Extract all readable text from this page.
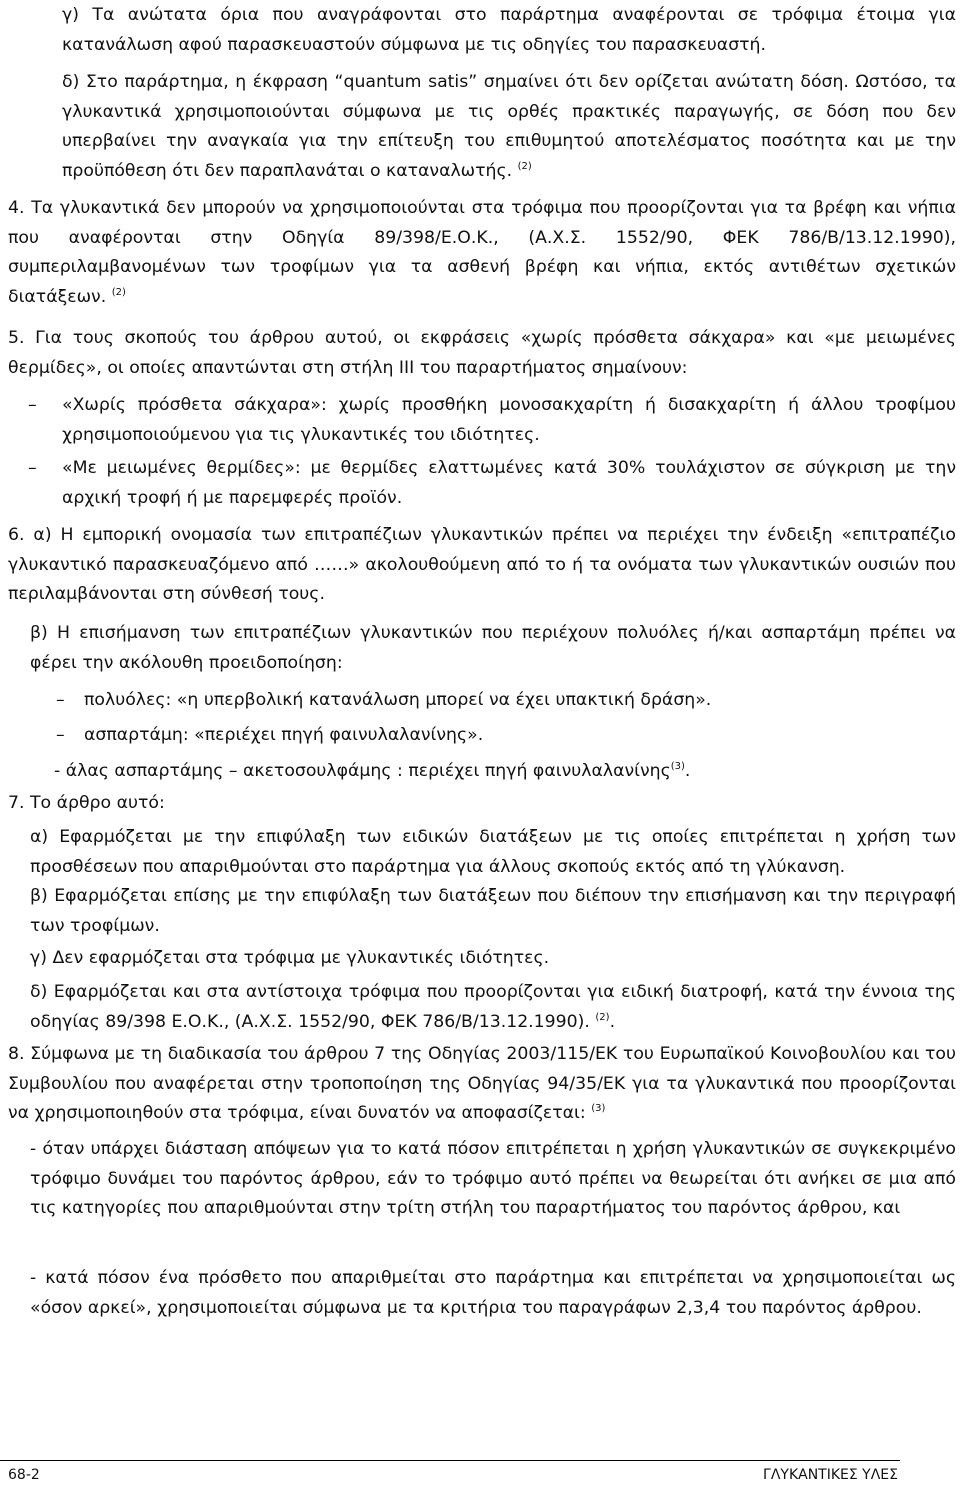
γ) Τα ανώτατα όρια που αναγράφονται στο παράρτημα αναφέρονται σε τρόφιμα έτοιμα για κατανάλωση αφού παρασκευαστούν σύμφωνα με τις οδηγίες του παρασκευαστή.

δ) Στο παράρτημα, η έκφραση “quantum satis” σημαίνει ότι δεν ορίζεται ανώτατη δόση. Ωστόσο, τα γλυκαντικά χρησιμοποιούνται σύμφωνα με τις ορθές πρακτικές παραγωγής, σε δόση που δεν υπερβαίνει την αναγκαία για την επίτευξη του επιθυμητού αποτελέσματος ποσότητα και με την προϋπόθεση ότι δεν παραπλανάται ο καταναλωτής. $^{(2)}$

4. Τα γλυκαντικά δεν μπορούν να χρησιμοποιούνται στα τρόφιμα που προορίζονται για τα βρέφη και νήπια που αναφέρονται στην Οδηγία 89/398/Ε.Ο.Κ., (Α.Χ.Σ. 1552/90, ΦΕΚ 786/Β/13.12.1990), συμπεριλαμβανομένων των τροφίμων για τα ασθενή βρέφη και νήπια, εκτός αντιθέτων σχετικών διατάξεων. $^{(2)}$

5. Για τους σκοπούς του άρθρου αυτού, οι εκφράσεις «χωρίς πρόσθετα σάκχαρα» και «με μειωμένες θερμίδες», οι οποίες απαντώνται στη στήλη ΙΙΙ του παραρτήματος σημαίνουν:

– «Χωρίς πρόσθετα σάκχαρα»: χωρίς προσθήκη μονοσακχαρίτη ή δισακχαρίτη ή άλλου τροφίμου χρησιμοποιούμενου για τις γλυκαντικές του ιδιότητες.

– «Με μειωμένες θερμίδες»: με θερμίδες ελαττωμένες κατά 30% τουλάχιστον σε σύγκριση με την αρχική τροφή ή με παρεμφερές προϊόν.

6. α) Η εμπορική ονομασία των επιτραπέζιων γλυκαντικών πρέπει να περιέχει την ένδειξη «επιτραπέζιο γλυκαντικό παρασκευαζόμενο από ……» ακολουθούμενη από το ή τα ονόματα των γλυκαντικών ουσιών που περιλαμβάνονται στη σύνθεσή τους.

β) Η επισήμανση των επιτραπέζιων γλυκαντικών που περιέχουν πολυόλες ή/και ασπαρτάμη πρέπει να φέρει την ακόλουθη προειδοποίηση:

– πολυόλες: «η υπερβολική κατανάλωση μπορεί να έχει υπακτική δράση».

– ασπαρτάμη: «περιέχει πηγή φαινυλαλανίνης».

- άλας ασπαρτάμης – ακετοσουλφάμης : περιέχει πηγή φαινυλαλανίνης$^{(3)}$.

7. Το άρθρο αυτό:

α) Εφαρμόζεται με την επιφύλαξη των ειδικών διατάξεων με τις οποίες επιτρέπεται η χρήση των προσθέσεων που απαριθμούνται στο παράρτημα για άλλους σκοπούς εκτός από τη γλύκανση.

β) Εφαρμόζεται επίσης με την επιφύλαξη των διατάξεων που διέπουν την επισήμανση και την περιγραφή των τροφίμων.

γ) Δεν εφαρμόζεται στα τρόφιμα με γλυκαντικές ιδιότητες.

δ) Εφαρμόζεται και στα αντίστοιχα τρόφιμα που προορίζονται για ειδική διατροφή, κατά την έννοια της οδηγίας 89/398 Ε.Ο.Κ., (Α.Χ.Σ. 1552/90, ΦΕΚ 786/Β/13.12.1990). $^{(2)}$.

8. Σύμφωνα με τη διαδικασία του άρθρου 7 της Οδηγίας 2003/115/ΕΚ του Ευρωπαϊκού Κοινοβουλίου και του Συμβουλίου που αναφέρεται στην τροποποίηση της Οδηγίας 94/35/ΕΚ για τα γλυκαντικά που προορίζονται να χρησιμοποιηθούν στα τρόφιμα, είναι δυνατόν να αποφασίζεται: $^{(3)}$

- όταν υπάρχει διάσταση απόψεων για το κατά πόσον επιτρέπεται η χρήση γλυκαντικών σε συγκεκριμένο τρόφιμο δυνάμει του παρόντος άρθρου, εάν το τρόφιμο αυτό πρέπει να θεωρείται ότι ανήκει σε μια από τις κατηγορίες που απαριθμούνται στην τρίτη στήλη του παραρτήματος του παρόντος άρθρου, και

- κατά πόσον ένα πρόσθετο που απαριθμείται στο παράρτημα και επιτρέπεται να χρησιμοποιείται ως «όσον αρκεί», χρησιμοποιείται σύμφωνα με τα κριτήρια του παραγράφων 2,3,4 του παρόντος άρθρου.

68-2	ΓΛΥΚΑΝΤΙΚΕΣ ΥΛΕΣ
